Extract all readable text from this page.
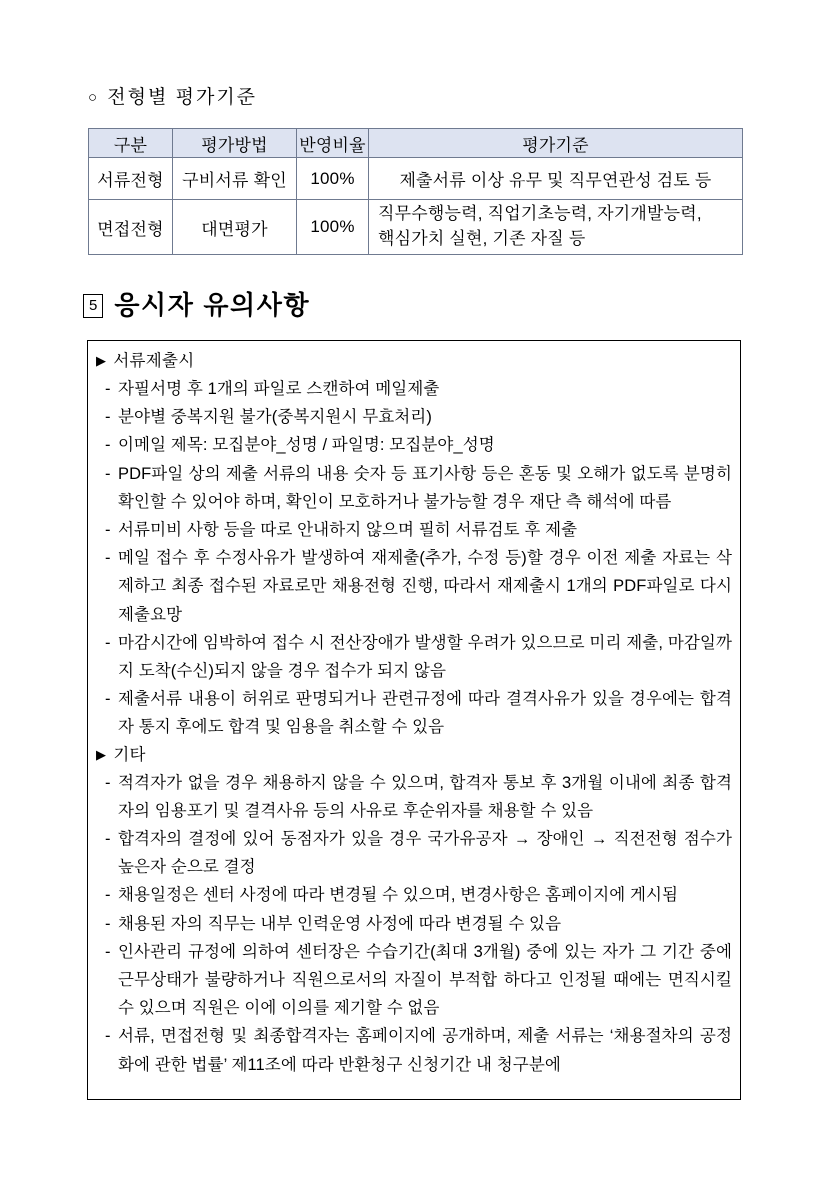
○ 전형별 평가기준
구분	평가방법	반영비율	평가기준
서류전형	구비서류 확인	100%	제출서류 이상 유무 및 직무연관성 검토 등
면접전형	대면평가	100%	직무수행능력, 직업기초능력, 자기개발능력,
핵심가치 실현, 기존 자질 등
5 응시자 유의사항
▶ 서류제출시

- 자필서명 후 1개의 파일로 스캔하여 메일제출

- 분야별 중복지원 불가(중복지원시 무효처리)

- 이메일 제목: 모집분야_성명 / 파일명: 모집분야_성명

- PDF파일 상의 제출 서류의 내용 숫자 등 표기사항 등은 혼동 및 오해가 없도록 분명히 확인할 수 있어야 하며, 확인이 모호하거나 불가능할 경우 재단 측 해석에 따름

- 서류미비 사항 등을 따로 안내하지 않으며 필히 서류검토 후 제출

- 메일 접수 후 수정사유가 발생하여 재제출(추가, 수정 등)할 경우 이전 제출 자료는 삭제하고 최종 접수된 자료로만 채용전형 진행, 따라서 재제출시 1개의 PDF파일로 다시 제출요망

- 마감시간에 임박하여 접수 시 전산장애가 발생할 우려가 있으므로 미리 제출, 마감일까지 도착(수신)되지 않을 경우 접수가 되지 않음

- 제출서류 내용이 허위로 판명되거나 관련규정에 따라 결격사유가 있을 경우에는 합격자 통지 후에도 합격 및 임용을 취소할 수 있음

▶ 기타

- 적격자가 없을 경우 채용하지 않을 수 있으며, 합격자 통보 후 3개월 이내에 최종 합격자의 임용포기 및 결격사유 등의 사유로 후순위자를 채용할 수 있음

- 합격자의 결정에 있어 동점자가 있을 경우 국가유공자 → 장애인 → 직전전형 점수가 높은자 순으로 결정

- 채용일정은 센터 사정에 따라 변경될 수 있으며, 변경사항은 홈페이지에 게시됨

- 채용된 자의 직무는 내부 인력운영 사정에 따라 변경될 수 있음

- 인사관리 규정에 의하여 센터장은 수습기간(최대 3개월) 중에 있는 자가 그 기간 중에 근무상태가 불량하거나 직원으로서의 자질이 부적합 하다고 인정될 때에는 면직시킬 수 있으며 직원은 이에 이의를 제기할 수 없음

- 서류, 면접전형 및 최종합격자는 홈페이지에 공개하며, 제출 서류는 ‘채용절차의 공정화에 관한 법률’ 제11조에 따라 반환청구 신청기간 내 청구분에
